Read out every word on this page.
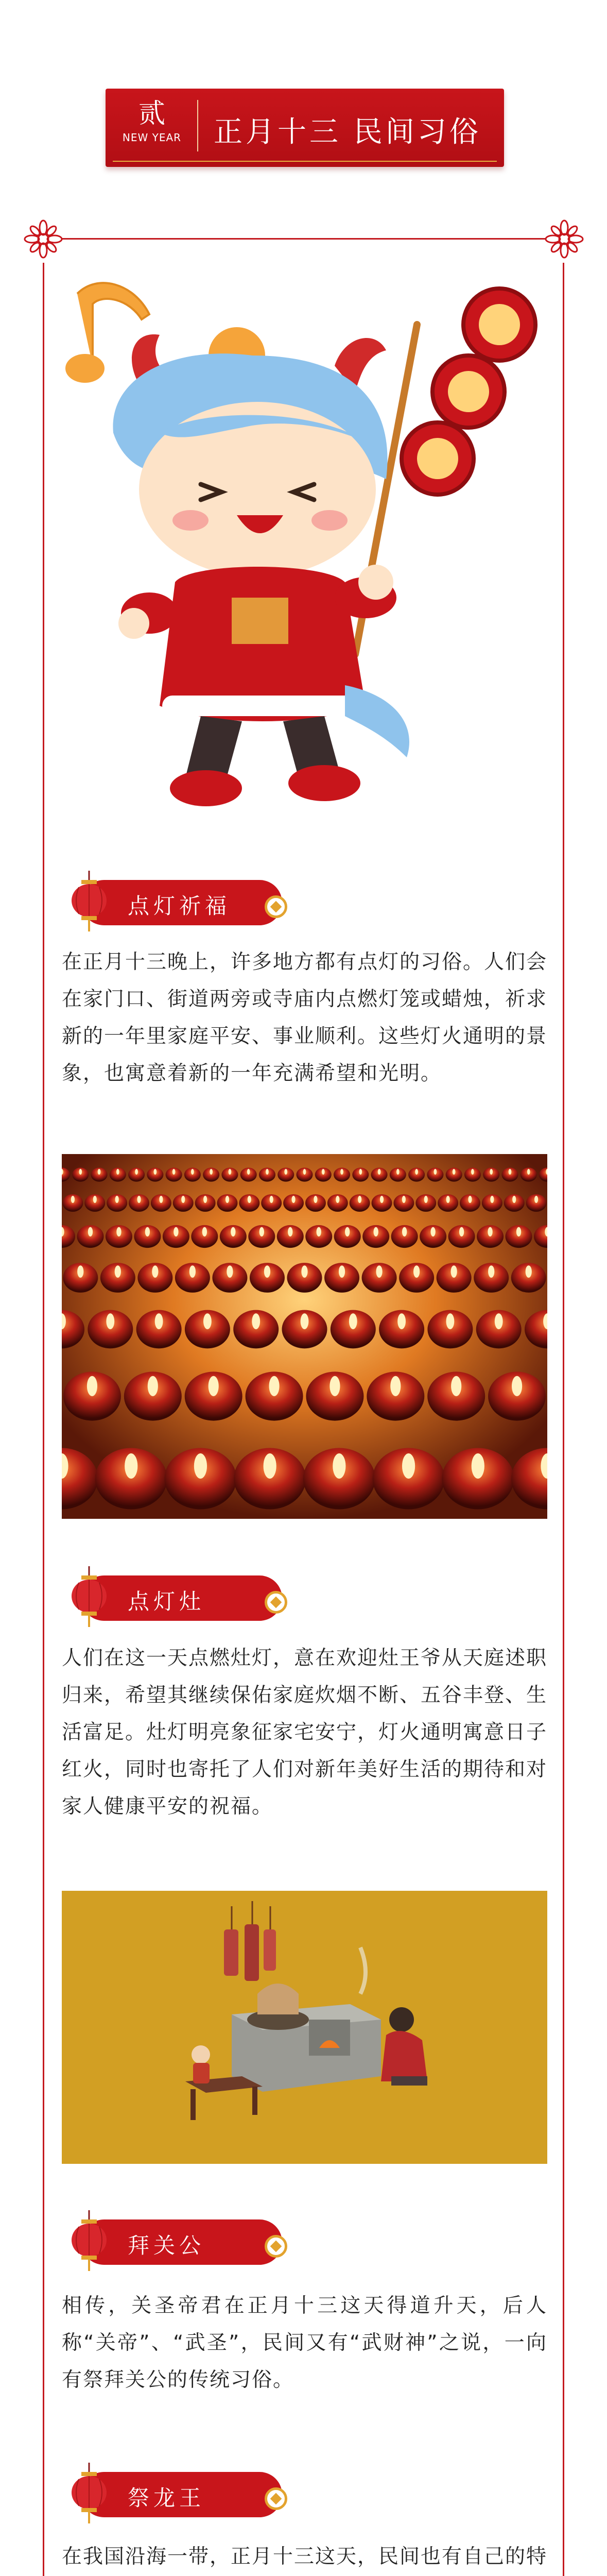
贰
NEW YEAR 正月十三 民间习俗
点灯祈福

在正月十三晚上，许多地方都有点灯的习俗。人们会在家门口、街道两旁或寺庙内点燃灯笼或蜡烛，祈求新的一年里家庭平安、事业顺利。这些灯火通明的景象，也寓意着新的一年充满希望和光明。

点灯灶

人们在这一天点燃灶灯，意在欢迎灶王爷从天庭述职归来，希望其继续保佑家庭炊烟不断、五谷丰登、生活富足。灶灯明亮象征家宅安宁，灯火通明寓意日子红火，同时也寄托了人们对新年美好生活的期待和对家人健康平安的祝福。

拜关公

相传，关圣帝君在正月十三这天得道升天，后人称“关帝”、“武圣”，民间又有“武财神”之说，一向有祭拜关公的传统习俗。

祭龙王

在我国沿海一带，正月十三这天，民间也有自己的特
